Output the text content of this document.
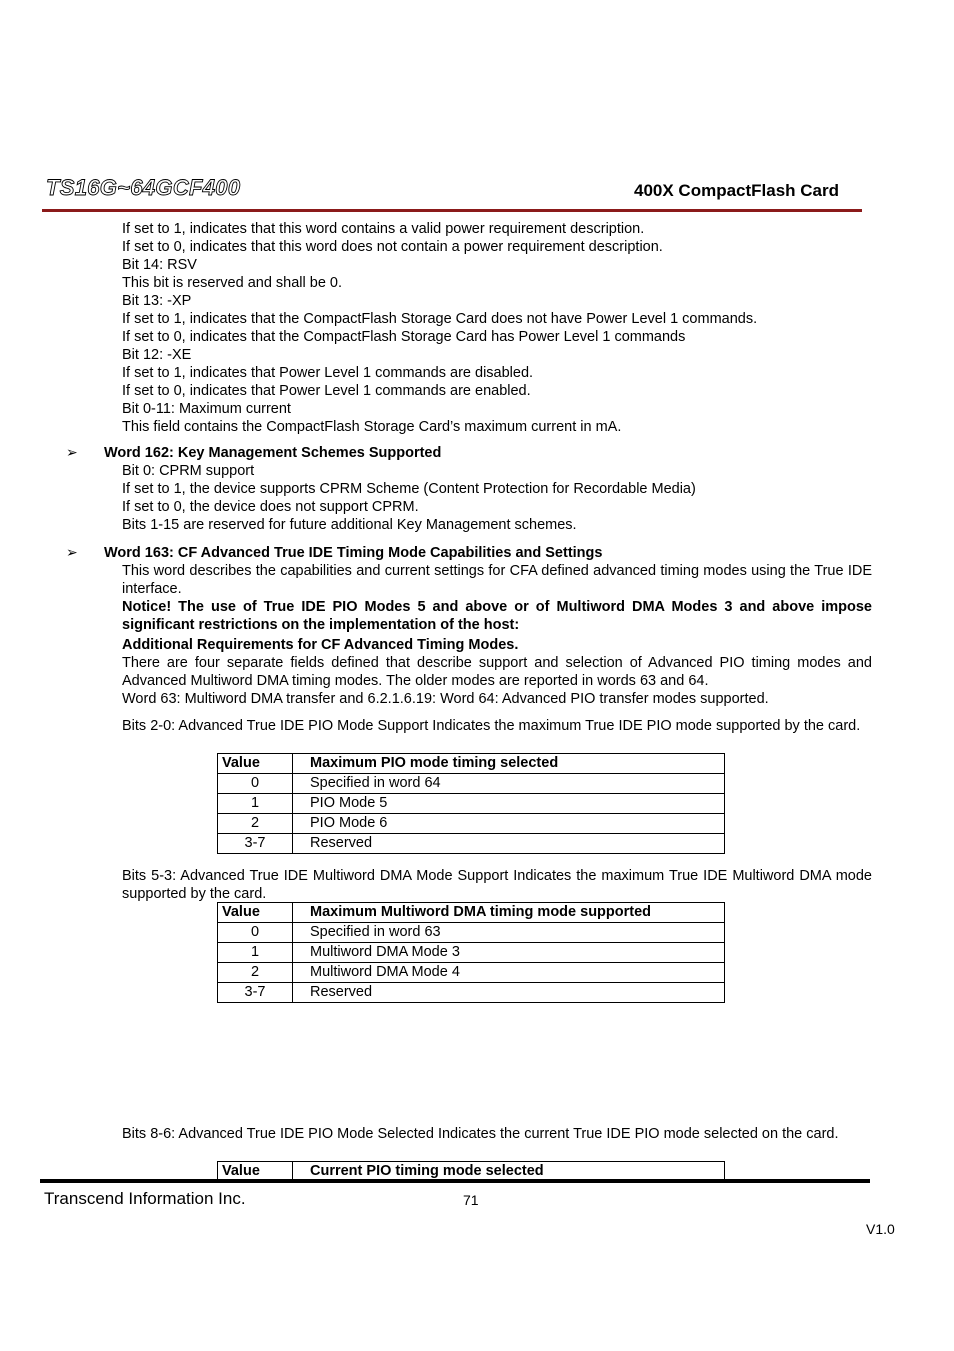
TS16G~64GCF400	400X CompactFlash Card
If set to 1, indicates that this word contains a valid power requirement description.
If set to 0, indicates that this word does not contain a power requirement description.
Bit 14: RSV
This bit is reserved and shall be 0.
Bit 13: -XP
If set to 1, indicates that the CompactFlash Storage Card does not have Power Level 1 commands.
If set to 0, indicates that the CompactFlash Storage Card has Power Level 1 commands
Bit 12: -XE
If set to 1, indicates that Power Level 1 commands are disabled.
If set to 0, indicates that Power Level 1 commands are enabled.
Bit 0-11: Maximum current
This field contains the CompactFlash Storage Card’s maximum current in mA.
➢ Word 162: Key Management Schemes Supported
Bit 0: CPRM support
If set to 1, the device supports CPRM Scheme (Content Protection for Recordable Media)
If set to 0, the device does not support CPRM.
Bits 1-15 are reserved for future additional Key Management schemes.
➢ Word 163: CF Advanced True IDE Timing Mode Capabilities and Settings
This word describes the capabilities and current settings for CFA defined advanced timing modes using the True IDE interface.
Notice! The use of True IDE PIO Modes 5 and above or of Multiword DMA Modes 3 and above impose significant restrictions on the implementation of the host:
Additional Requirements for CF Advanced Timing Modes.
There are four separate fields defined that describe support and selection of Advanced PIO timing modes and Advanced Multiword DMA timing modes. The older modes are reported in words 63 and 64.
Word 63: Multiword DMA transfer and 6.2.1.6.19: Word 64: Advanced PIO transfer modes supported.
Bits 2-0: Advanced True IDE PIO Mode Support Indicates the maximum True IDE PIO mode supported by the card.
Value	Maximum PIO mode timing selected
0	Specified in word 64
1	PIO Mode 5
2	PIO Mode 6
3-7	Reserved
Bits 5-3: Advanced True IDE Multiword DMA Mode Support Indicates the maximum True IDE Multiword DMA mode supported by the card.
Value	Maximum Multiword DMA timing mode supported
0	Specified in word 63
1	Multiword DMA Mode 3
2	Multiword DMA Mode 4
3-7	Reserved
Bits 8-6: Advanced True IDE PIO Mode Selected Indicates the current True IDE PIO mode selected on the card.
Value	Current PIO timing mode selected
Transcend Information Inc.	71
V1.0
